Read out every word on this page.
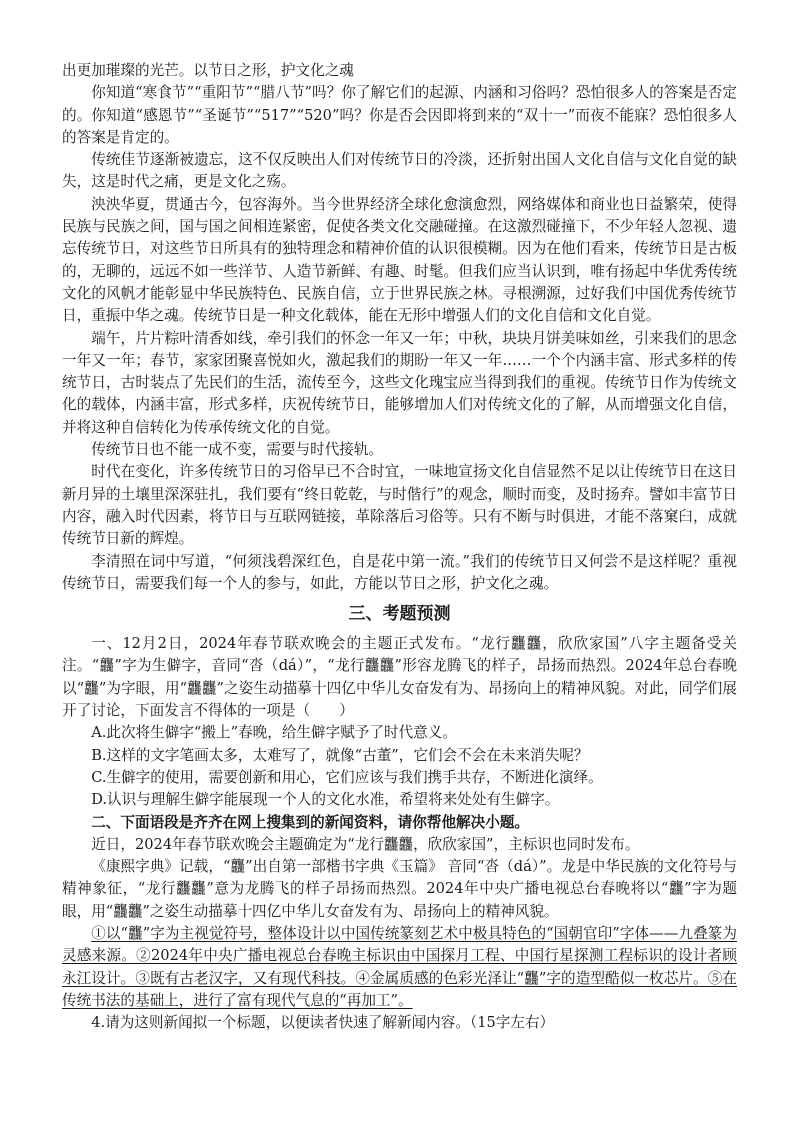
出更加璀璨的光芒。以节日之形，护文化之魂

你知道“寒食节”“重阳节”“腊八节”吗？你了解它们的起源、内涵和习俗吗？恐怕很多人的答案是否定的。你知道“感恩节”“圣诞节”“517”“520”吗？你是否会因即将到来的“双十一”而夜不能寐？恐怕很多人的答案是肯定的。

传统佳节逐渐被遗忘，这不仅反映出人们对传统节日的冷淡，还折射出国人文化自信与文化自觉的缺失，这是时代之痛，更是文化之殇。

泱泱华夏，贯通古今，包容海外。当今世界经济全球化愈演愈烈，网络媒体和商业也日益繁荣，使得民族与民族之间，国与国之间相连紧密，促使各类文化交融碰撞。在这激烈碰撞下，不少年轻人忽视、遗忘传统节日，对这些节日所具有的独特理念和精神价值的认识很模糊。因为在他们看来，传统节日是古板的，无聊的，远远不如一些洋节、人造节新鲜、有趣、时髦。但我们应当认识到，唯有扬起中华优秀传统文化的风帆才能彰显中华民族特色、民族自信，立于世界民族之林。寻根溯源，过好我们中国优秀传统节日，重振中华之魂。传统节日是一种文化载体，能在无形中增强人们的文化自信和文化自觉。

端午，片片粽叶清香如线，牵引我们的怀念一年又一年；中秋，块块月饼美味如丝，引来我们的思念一年又一年；春节，家家团聚喜悦如火，激起我们的期盼一年又一年……一个个内涵丰富、形式多样的传统节日，古时装点了先民们的生活，流传至今，这些文化瑰宝应当得到我们的重视。传统节日作为传统文化的载体，内涵丰富，形式多样，庆祝传统节日，能够增加人们对传统文化的了解，从而增强文化自信，并将这种自信转化为传承传统文化的自觉。

传统节日也不能一成不变，需要与时代接轨。

时代在变化，许多传统节日的习俗早已不合时宜，一味地宣扬文化自信显然不足以让传统节日在这日新月异的土壤里深深驻扎，我们要有“终日乾乾，与时偕行”的观念，顺时而变，及时扬弃。譬如丰富节日内容，融入时代因素，将节日与互联网链接，革除落后习俗等。只有不断与时俱进，才能不落窠臼，成就传统节日新的辉煌。

李清照在词中写道，“何须浅碧深红色，自是花中第一流。”我们的传统节日又何尝不是这样呢？重视传统节日，需要我们每一个人的参与，如此，方能以节日之形，护文化之魂。

三、考题预测

一、12月2日，2024年春节联欢晚会的主题正式发布。“龙行龘龘，欣欣家国”八字主题备受关注。“龘”字为生僻字，音同“沓（dá）”，“龙行龘龘”形容龙腾飞的样子，昂扬而热烈。2024年总台春晚以“龘”为字眼，用“龘龘”之姿生动描摹十四亿中华儿女奋发有为、昂扬向上的精神风貌。对此，同学们展开了讨论，下面发言不得体的一项是（　　）

A.此次将生僻字“搬上”春晚，给生僻字赋予了时代意义。

B.这样的文字笔画太多，太难写了，就像“古董”，它们会不会在未来消失呢？

C.生僻字的使用，需要创新和用心，它们应该与我们携手共存，不断进化演绎。

D.认识与理解生僻字能展现一个人的文化水准，希望将来处处有生僻字。

二、下面语段是齐齐在网上搜集到的新闻资料，请你帮他解决小题。

近日，2024年春节联欢晚会主题确定为“龙行龘龘，欣欣家国”，主标识也同时发布。

《康熙字典》记载，“龘”出自第一部楷书字典《玉篇》 音同“沓（dá）”。龙是中华民族的文化符号与精神象征，“龙行龘龘”意为龙腾飞的样子昂扬而热烈。2024年中央广播电视总台春晚将以“龘”字为题眼，用“龘龘”之姿生动描摹十四亿中华儿女奋发有为、昂扬向上的精神风貌。

①以“龘”字为主视觉符号，整体设计以中国传统篆刻艺术中极具特色的“国朝官印”字体——九叠篆为灵感来源。②2024年中央广播电视总台春晚主标识由中国探月工程、中国行星探测工程标识的设计者顾永江设计。③既有古老汉字，又有现代科技。④金属质感的色彩光泽让“龘”字的造型酷似一枚芯片。⑤在传统书法的基础上，进行了富有现代气息的“再加工”。

4.请为这则新闻拟一个标题，以便读者快速了解新闻内容。（15字左右）
